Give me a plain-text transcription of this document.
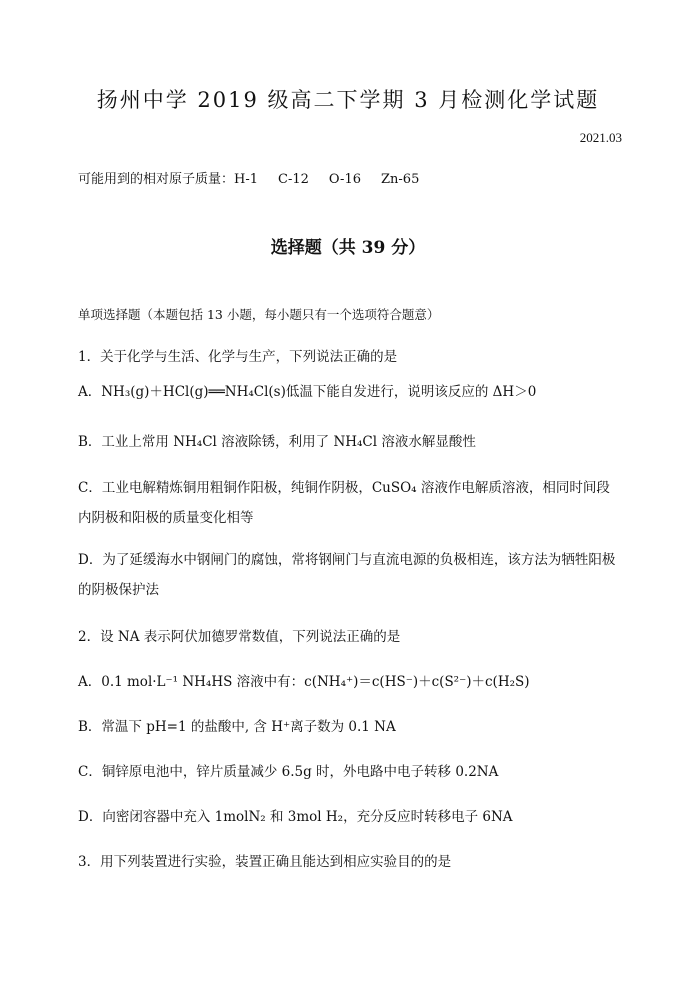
扬州中学 2019 级高二下学期 3 月检测化学试题
2021.03
可能用到的相对原子质量：H-1 C-12 O-16 Zn-65
选择题（共 39 分）
单项选择题（本题包括 13 小题，每小题只有一个选项符合题意）
1．关于化学与生活、化学与生产，下列说法正确的是
A．NH₃(g)＋HCl(g)══NH₄Cl(s)低温下能自发进行，说明该反应的 ΔH＞0
B．工业上常用 NH₄Cl 溶液除锈，利用了 NH₄Cl 溶液水解显酸性
C．工业电解精炼铜用粗铜作阳极，纯铜作阴极，CuSO₄ 溶液作电解质溶液，相同时间段内阴极和阳极的质量变化相等
D．为了延缓海水中钢闸门的腐蚀，常将钢闸门与直流电源的负极相连，该方法为牺牲阳极的阴极保护法
2．设 NA 表示阿伏加德罗常数值，下列说法正确的是
A．0.1 mol·L⁻¹ NH₄HS 溶液中有：c(NH₄⁺)＝c(HS⁻)＋c(S²⁻)＋c(H₂S)
B．常温下 pH=1 的盐酸中, 含 H⁺离子数为 0.1 NA
C．铜锌原电池中，锌片质量减少 6.5g 时，外电路中电子转移 0.2NA
D．向密闭容器中充入 1molN₂ 和 3mol H₂，充分反应时转移电子 6NA
3．用下列装置进行实验，装置正确且能达到相应实验目的的是
